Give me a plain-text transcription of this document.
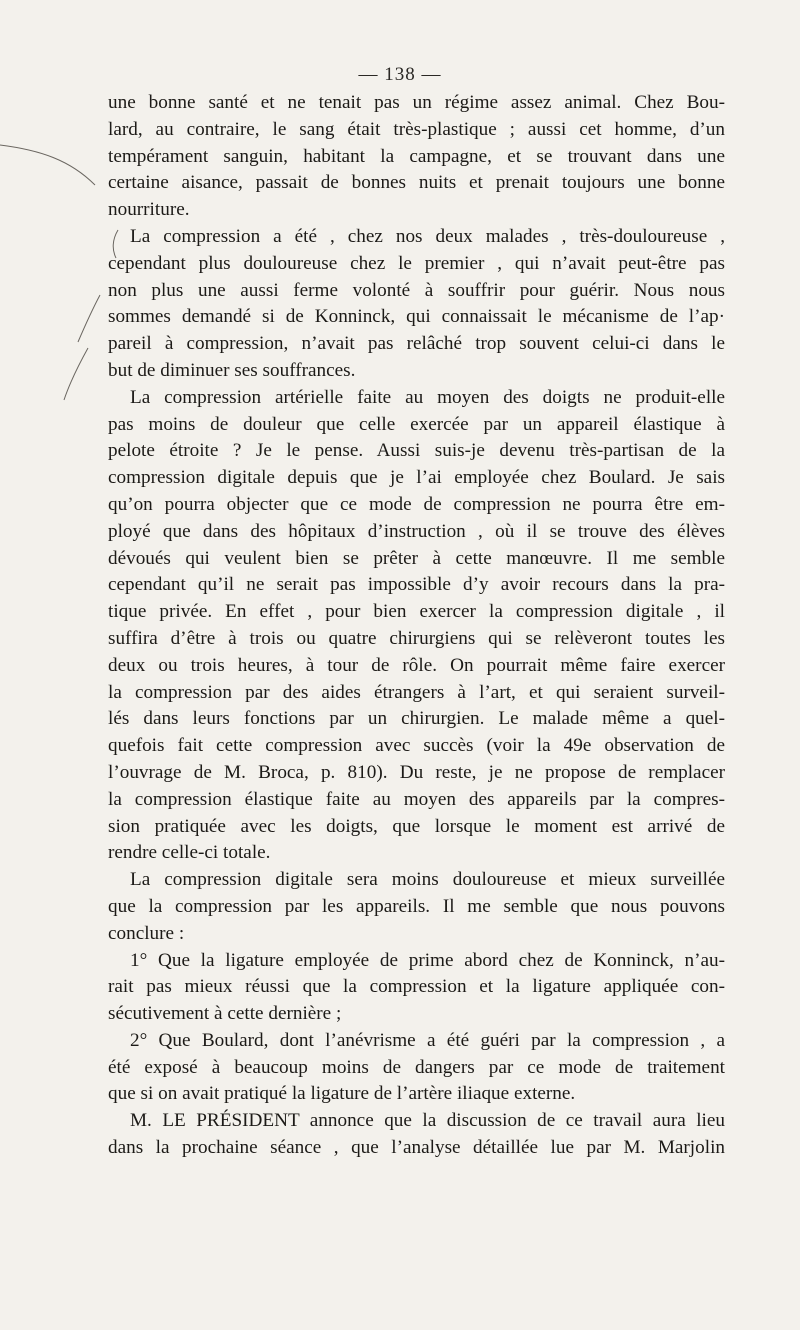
— 138 —
une bonne santé et ne tenait pas un régime assez animal. Chez Bou-
lard, au contraire, le sang était très-plastique ; aussi cet homme, d’un
tempérament sanguin, habitant la campagne, et se trouvant dans une
certaine aisance, passait de bonnes nuits et prenait toujours une bonne
nourriture.
La compression a été , chez nos deux malades , très-douloureuse ,
cependant plus douloureuse chez le premier , qui n’avait peut-être pas
non plus une aussi ferme volonté à souffrir pour guérir. Nous nous
sommes demandé si de Konninck, qui connaissait le mécanisme de l’ap·
pareil à compression, n’avait pas relâché trop souvent celui-ci dans le
but de diminuer ses souffrances.
La compression artérielle faite au moyen des doigts ne produit-elle
pas moins de douleur que celle exercée par un appareil élastique à
pelote étroite ? Je le pense. Aussi suis-je devenu très-partisan de la
compression digitale depuis que je l’ai employée chez Boulard. Je sais
qu’on pourra objecter que ce mode de compression ne pourra être em-
ployé que dans des hôpitaux d’instruction , où il se trouve des élèves
dévoués qui veulent bien se prêter à cette manœuvre. Il me semble
cependant qu’il ne serait pas impossible d’y avoir recours dans la pra-
tique privée. En effet , pour bien exercer la compression digitale , il
suffira d’être à trois ou quatre chirurgiens qui se relèveront toutes les
deux ou trois heures, à tour de rôle. On pourrait même faire exercer
la compression par des aides étrangers à l’art, et qui seraient surveil-
lés dans leurs fonctions par un chirurgien. Le malade même a quel-
quefois fait cette compression avec succès (voir la 49e observation de
l’ouvrage de M. Broca, p. 810). Du reste, je ne propose de remplacer
la compression élastique faite au moyen des appareils par la compres-
sion pratiquée avec les doigts, que lorsque le moment est arrivé de
rendre celle-ci totale.
La compression digitale sera moins douloureuse et mieux surveillée
que la compression par les appareils. Il me semble que nous pouvons
conclure :
1° Que la ligature employée de prime abord chez de Konninck, n’au-
rait pas mieux réussi que la compression et la ligature appliquée con-
sécutivement à cette dernière ;
2° Que Boulard, dont l’anévrisme a été guéri par la compression , a
été exposé à beaucoup moins de dangers par ce mode de traitement
que si on avait pratiqué la ligature de l’artère iliaque externe.
M. LE PRÉSIDENT annonce que la discussion de ce travail aura lieu
dans la prochaine séance , que l’analyse détaillée lue par M. Marjolin
